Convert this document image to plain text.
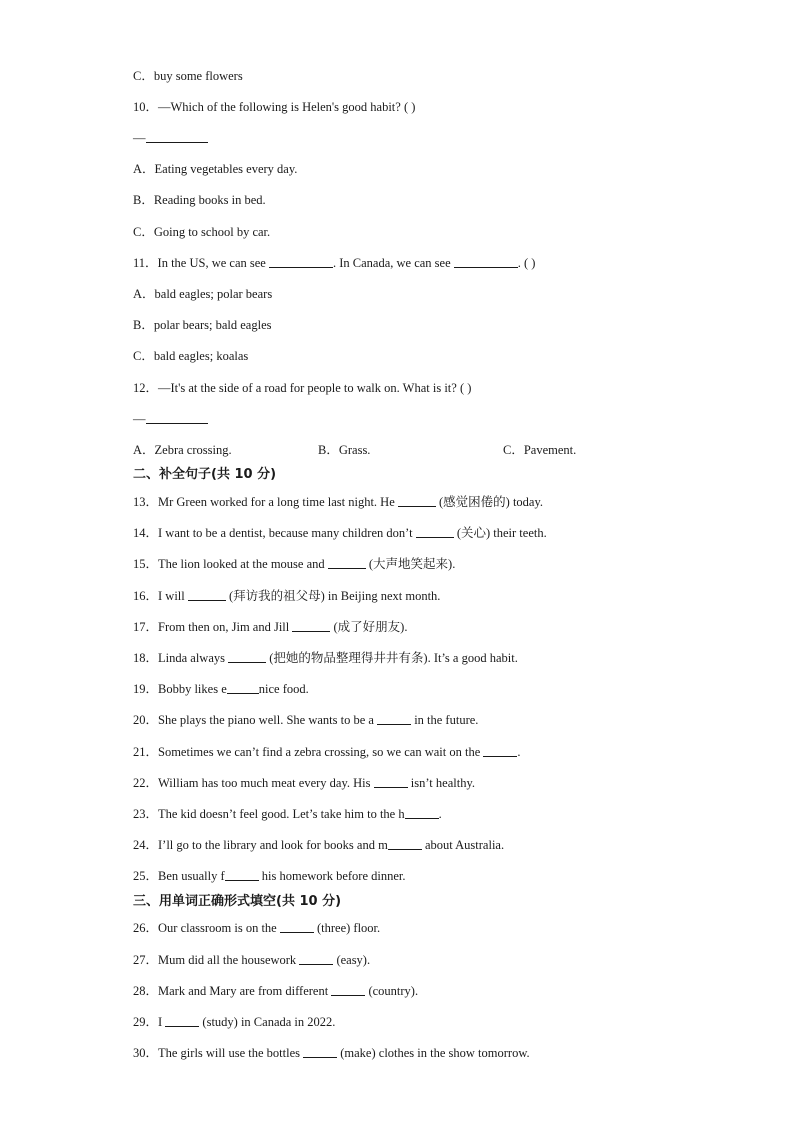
C．buy some flowers
10．—Which of the following is Helen's good habit? ( )
—
A．Eating vegetables every day.
B．Reading books in bed.
C．Going to school by car.
11．In the US, we can see	. In Canada, we can see	. ( )
A．bald eagles; polar bears
B．polar bears; bald eagles
C．bald eagles; koalas
12．—It's at the side of a road for people to walk on. What is it? ( )
—
A．Zebra crossing.	B．Grass.	C．Pavement.
二、补全句子(共 10 分)
13．Mr Green worked for a long time last night. He	(感觉困倦的) today.
14．I want to be a dentist, because many children don’t	(关心) their teeth.
15．The lion looked at the mouse and	(大声地笑起来).
16．I will	(拜访我的祖父母) in Beijing next month.
17．From then on, Jim and Jill	(成了好朋友).
18．Linda always	(把她的物品整理得井井有条). It’s a good habit.
19．Bobby likes e	nice food.
20．She plays the piano well. She wants to be a	in the future.
21．Sometimes we can’t find a zebra crossing, so we can wait on the	.
22．William has too much meat every day. His	isn’t healthy.
23．The kid doesn’t feel good. Let’s take him to the h	.
24．I’ll go to the library and look for books and m	about Australia.
25．Ben usually f	his homework before dinner.
三、用单词正确形式填空(共 10 分)
26．Our classroom is on the	(three) floor.
27．Mum did all the housework	(easy).
28．Mark and Mary are from different	(country).
29．I	(study) in Canada in 2022.
30．The girls will use the bottles	(make) clothes in the show tomorrow.
